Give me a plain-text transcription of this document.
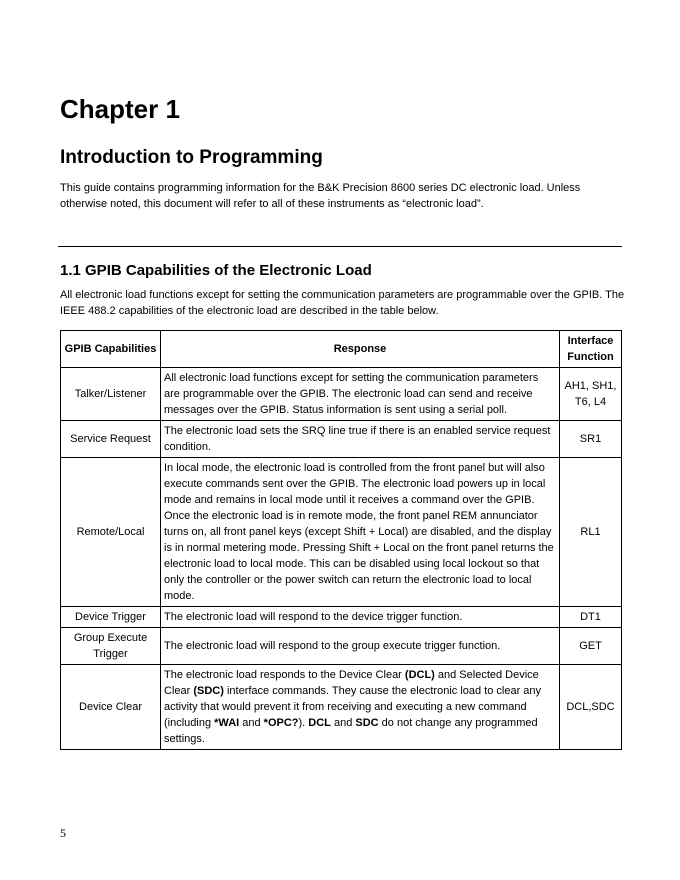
Chapter 1
Introduction to Programming

This guide contains programming information for the B&K Precision 8600 series DC electronic load. Unless otherwise noted, this document will refer to all of these instruments as “electronic load”.

1.1 GPIB Capabilities of the Electronic Load

All electronic load functions except for setting the communication parameters are programmable over the GPIB. The IEEE 488.2 capabilities of the electronic load are described in the table below.

GPIB Capabilities	Response	Interface Function
Talker/Listener	All electronic load functions except for setting the communication parameters are programmable over the GPIB. The electronic load can send and receive messages over the GPIB. Status information is sent using a serial poll.	AH1, SH1, T6, L4
Service Request	The electronic load sets the SRQ line true if there is an enabled service request condition.	SR1
Remote/Local	In local mode, the electronic load is controlled from the front panel but will also execute commands sent over the GPIB. The electronic load powers up in local mode and remains in local mode until it receives a command over the GPIB. Once the electronic load is in remote mode, the front panel REM annunciator turns on, all front panel keys (except Shift + Local) are disabled, and the display is in normal metering mode. Pressing Shift + Local on the front panel returns the electronic load to local mode. This can be disabled using local lockout so that only the controller or the power switch can return the electronic load to local mode.	RL1
Device Trigger	The electronic load will respond to the device trigger function.	DT1
Group Execute Trigger	The electronic load will respond to the group execute trigger function.	GET
Device Clear	The electronic load responds to the Device Clear (DCL) and Selected Device Clear (SDC) interface commands. They cause the electronic load to clear any activity that would prevent it from receiving and executing a new command (including *WAI and *OPC?). DCL and SDC do not change any programmed settings.	DCL,SDC
5
